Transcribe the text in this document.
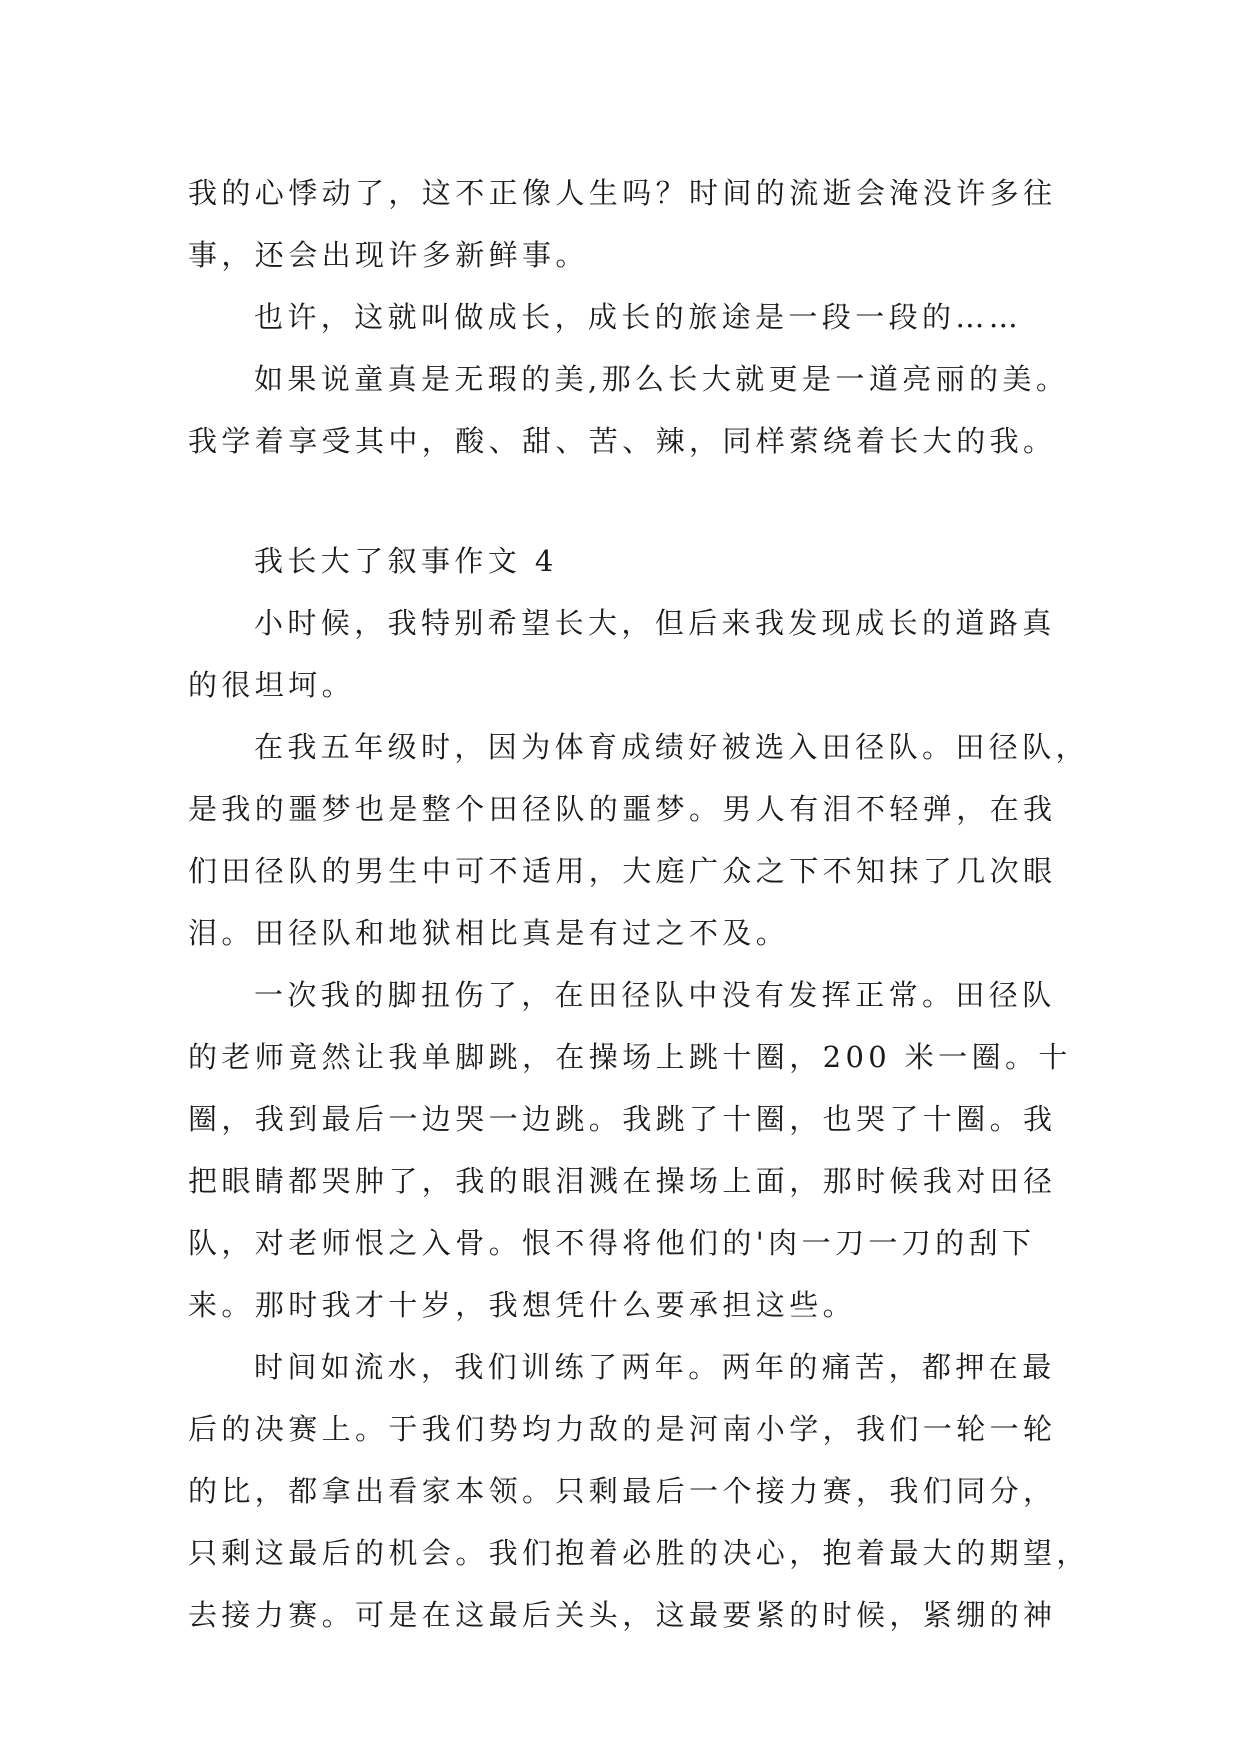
我的心悸动了，这不正像人生吗？时间的流逝会淹没许多往
事，还会出现许多新鲜事。
也许，这就叫做成长，成长的旅途是一段一段的……
如果说童真是无瑕的美,那么长大就更是一道亮丽的美。
我学着享受其中，酸、甜、苦、辣，同样萦绕着长大的我。
我长大了叙事作文 4
小时候，我特别希望长大，但后来我发现成长的道路真
的很坦坷。
在我五年级时，因为体育成绩好被选入田径队。田径队，
是我的噩梦也是整个田径队的噩梦。男人有泪不轻弹，在我
们田径队的男生中可不适用，大庭广众之下不知抹了几次眼
泪。田径队和地狱相比真是有过之不及。
一次我的脚扭伤了，在田径队中没有发挥正常。田径队
的老师竟然让我单脚跳，在操场上跳十圈，200 米一圈。十
圈，我到最后一边哭一边跳。我跳了十圈，也哭了十圈。我
把眼睛都哭肿了，我的眼泪溅在操场上面，那时候我对田径
队，对老师恨之入骨。恨不得将他们的'肉一刀一刀的刮下
来。那时我才十岁，我想凭什么要承担这些。
时间如流水，我们训练了两年。两年的痛苦，都押在最
后的决赛上。于我们势均力敌的是河南小学，我们一轮一轮
的比，都拿出看家本领。只剩最后一个接力赛，我们同分，
只剩这最后的机会。我们抱着必胜的决心，抱着最大的期望，
去接力赛。可是在这最后关头，这最要紧的时候，紧绷的神
